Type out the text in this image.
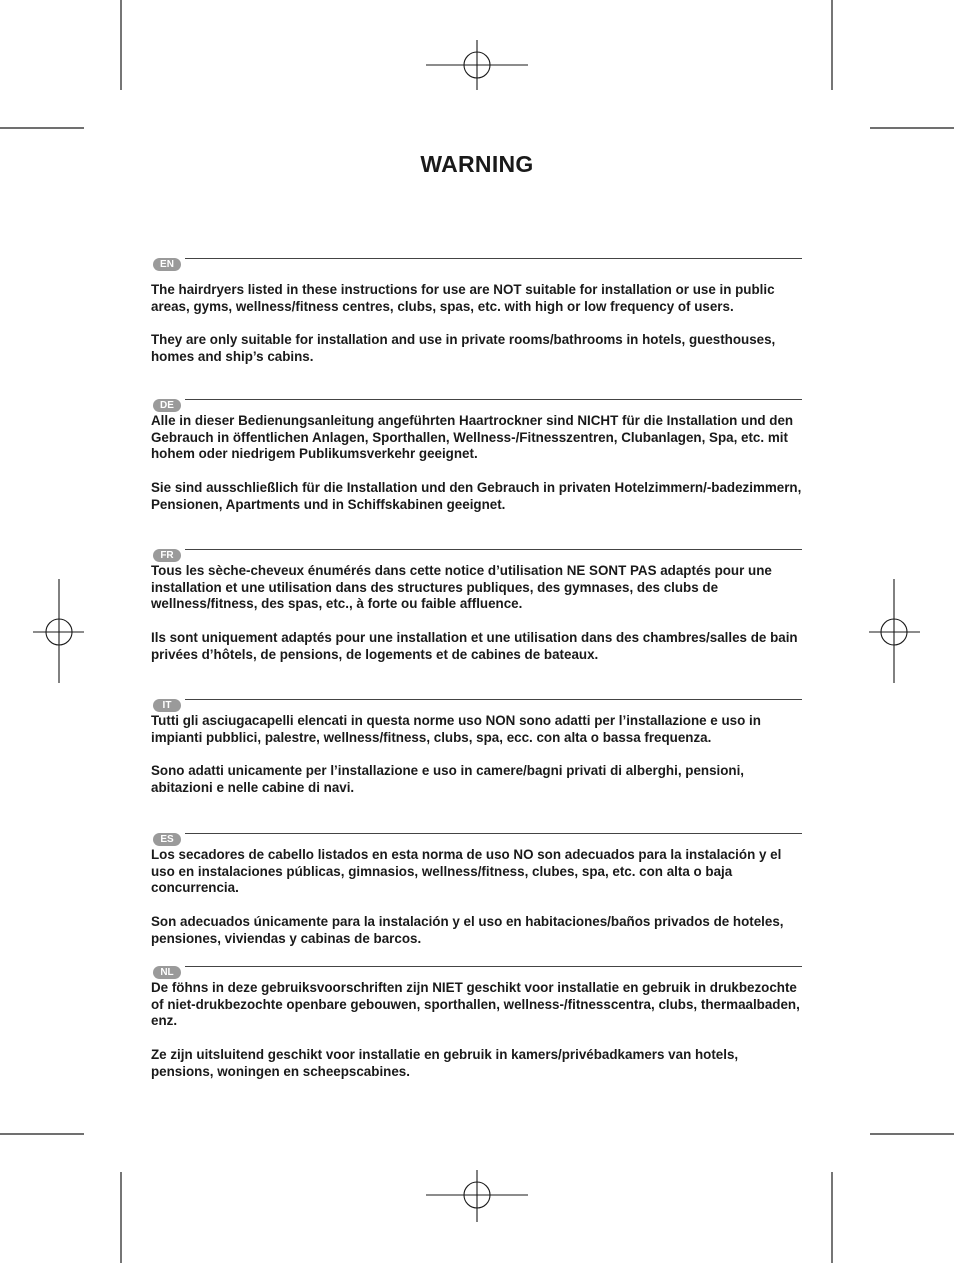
WARNING
EN

The hairdryers listed in these instructions for use are NOT suitable for installation or use in public areas, gyms, wellness/fitness centres, clubs, spas, etc. with high or low frequency of users.

They are only suitable for installation and use in private rooms/bathrooms in hotels, guesthouses, homes and ship’s cabins.

DE

Alle in dieser Bedienungsanleitung angeführten Haartrockner sind NICHT für die Installation und den Gebrauch in öffentlichen Anlagen, Sporthallen, Wellness-/Fitnesszentren, Clubanlagen, Spa, etc. mit hohem oder niedrigem Publikumsverkehr geeignet.

Sie sind ausschließlich für die Installation und den Gebrauch in privaten Hotelzimmern/-badezimmern, Pensionen, Apartments und in Schiffskabinen geeignet.

FR

Tous les sèche-cheveux énumérés dans cette notice d’utilisation NE SONT PAS adaptés pour une installation et une utilisation dans des structures publiques, des gymnases, des clubs de wellness/fitness, des spas, etc., à forte ou faible affluence.

Ils sont uniquement adaptés pour une installation et une utilisation dans des chambres/salles de bain privées d’hôtels, de pensions, de logements et de cabines de bateaux.

IT

Tutti gli asciugacapelli elencati in questa norme uso NON sono adatti per l’installazione e uso in impianti pubblici, palestre, wellness/fitness, clubs, spa, ecc. con alta o bassa frequenza.

Sono adatti unicamente per l’installazione e uso in camere/bagni privati di alberghi, pensioni, abitazioni e nelle cabine di navi.

ES

Los secadores de cabello listados en esta norma de uso NO son adecuados para la instalación y el uso en instalaciones públicas, gimnasios, wellness/fitness, clubes, spa, etc. con alta o baja concurrencia.

Son adecuados únicamente para la instalación y el uso en habitaciones/baños privados de hoteles, pensiones, viviendas y cabinas de barcos.

NL

De föhns in deze gebruiksvoorschriften zijn NIET geschikt voor installatie en gebruik in drukbezochte of niet-drukbezochte openbare gebouwen, sporthallen, wellness-/fitnesscentra, clubs, thermaalbaden, enz.

Ze zijn uitsluitend geschikt voor installatie en gebruik in kamers/privébadkamers van hotels, pensions, woningen en scheepscabines.
